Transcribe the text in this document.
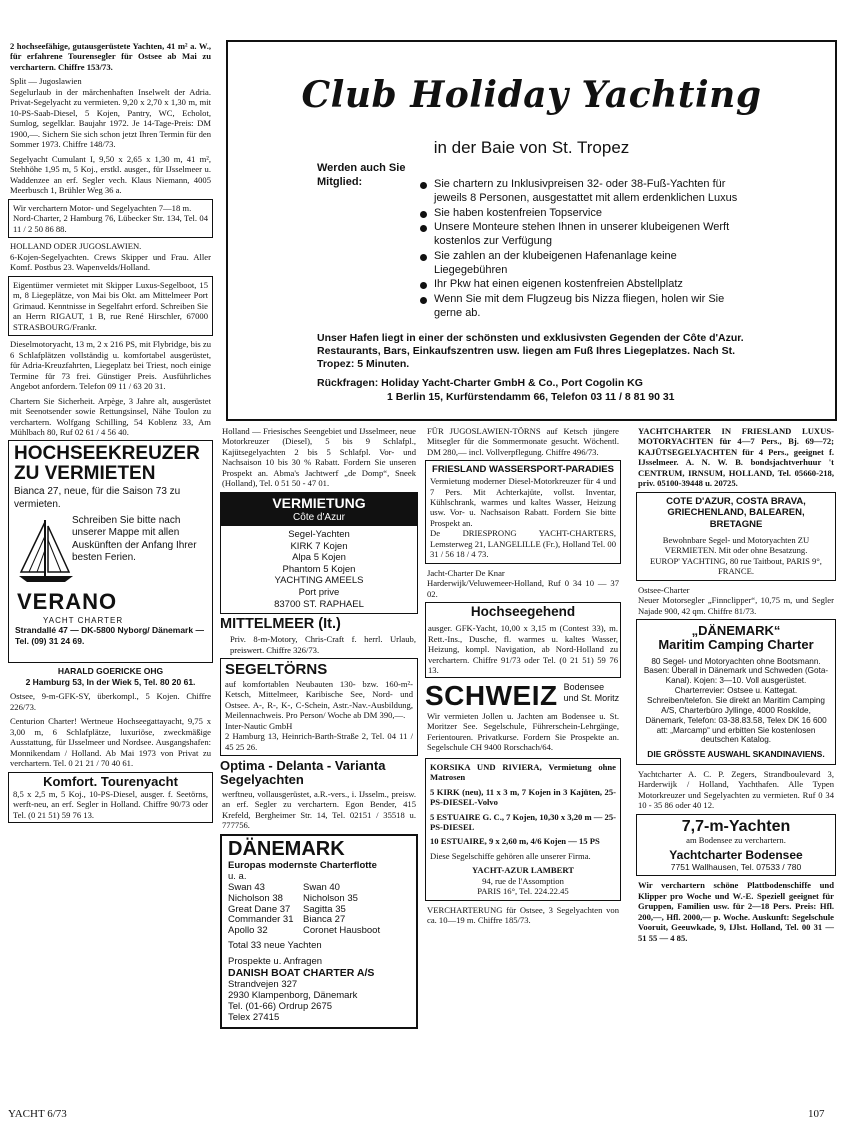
Club Holiday Yachting
in der Baie von St. Tropez
Werden auch Sie
Mitglied:	Sie chartern zu Inklusivpreisen 32- oder 38-Fuß-Yachten für jeweils 8 Personen, ausgestattet mit allem erdenklichen Luxus
Sie haben kostenfreien Topservice
Unsere Monteure stehen Ihnen in unserer klubeigenen Werft kostenlos zur Verfügung
Sie zahlen an der klubeigenen Hafenanlage keine Liegegebühren
Ihr Pkw hat einen eigenen kostenfreien Abstellplatz
Wenn Sie mit dem Flugzeug bis Nizza fliegen, holen wir Sie gerne ab.
Unser Hafen liegt in einer der schönsten und exklusivsten Gegenden der Côte d'Azur. Restaurants, Bars, Einkaufszentren usw. liegen am Fuß Ihres Liegeplatzes. Nach St. Tropez: 5 Minuten.
Rückfragen: Holiday Yacht-Charter GmbH & Co., Port Cogolin KG
1 Berlin 15, Kurfürstendamm 66, Telefon 03 11 / 8 81 90 31
2 hochseefähige, gutausgerüstete Yachten, 41 m² a. W., für erfahrene Tourensegler für Ostsee ab Mai zu verchartern. Chiffre 153/73.
Split — Jugoslawien
Segelurlaub in der märchenhaften Inselwelt der Adria. Privat-Segelyacht zu vermieten. 9,20 x 2,70 x 1,30 m, mit 10-PS-Saab-Diesel, 5 Kojen, Pantry, WC, Echolot, Sumlog, segelklar. Baujahr 1972. Je 14-Tage-Preis: DM 1900,—. Sichern Sie sich schon jetzt Ihren Termin für den Sommer 1973. Chiffre 148/73.
Segelyacht Cumulant I, 9,50 x 2,65 x 1,30 m, 41 m², Stehhöhe 1,95 m, 5 Koj., erstkl. ausger., für IJsselmeer u. Waddenzee an erf. Segler vech. Klaus Niemann, 4005 Meerbusch 1, Brühler Weg 36 a.
Wir verchartern Motor- und Segelyachten 7—18 m.
Nord-Charter, 2 Hamburg 76, Lübecker Str. 134, Tel. 04 11 / 2 50 86 88.
HOLLAND ODER JUGOSLAWIEN.
6-Kojen-Segelyachten. Crews Skipper und Frau. Aller Komf. Postbus 23. Wapenvelds/Holland.
Eigentümer vermietet mit Skipper Luxus-Segelboot, 15 m, 8 Liegeplätze, von Mai bis Okt. am Mittelmeer Port Grimaud. Kenntnisse in Segelfahrt erford. Schreiben Sie an Herrn RIGAUT, 1 B, rue René Hirschler, 67000 STRASBOURG/Frankr.
Dieselmotoryacht, 13 m, 2 x 216 PS, mit Flybridge, bis zu 6 Schlafplätzen vollständig u. komfortabel ausgerüstet, für Adria-Kreuzfahrten, Liegeplatz bei Triest, noch einige Termine für 73 frei. Günstiger Preis. Ausführliches Angebot anfordern. Telefon 09 11 / 63 20 31.
Chartern Sie Sicherheit. Arpège, 3 Jahre alt, ausgerüstet mit Seenotsender sowie Rettungsinsel, Nähe Toulon zu verchartern. Wolfgang Schilling, 54 Koblenz 33, Am Mühlbach 80, Ruf 02 61 / 4 56 40.
HOCHSEEKREUZER
ZU VERMIETEN
Bianca 27, neue, für die Saison 73 zu vermieten.
Schreiben Sie bitte nach unserer Mappe mit allen Auskünften der Anfang Ihrer besten Ferien.
VERANO
YACHT CHARTER
Strandallé 47 — DK-5800 Nyborg/ Dänemark — Tel. (09) 31 24 69.
HARALD GOERICKE OHG
2 Hamburg 53, In der Wiek 5, Tel. 80 20 61.
Ostsee, 9-m-GFK-SY, überkompl., 5 Kojen. Chiffre 226/73.
Centurion Charter! Wertneue Hochseegattayacht, 9,75 x 3,00 m, 6 Schlafplätze, luxuriöse, zweckmäßige Ausstattung, für IJsselmeer und Nordsee. Ausgangshafen: Monnikendam / Holland. Ab Mai 1973 von Privat zu verchartern. Tel. 0 21 21 / 70 40 61.
Komfort. Tourenyacht
8,5 x 2,5 m, 5 Koj., 10-PS-Diesel, ausger. f. Seetörns, werft-neu, an erf. Segler in Holland. Chiffre 90/73 oder Tel. (0 21 51) 59 76 13.
Holland — Friesisches Seengebiet und IJsselmeer, neue Motorkreuzer (Diesel), 5 bis 9 Schlafpl., Kajütsegelyachten 2 bis 5 Schlafpl. Vor- und Nachsaison 10 bis 30 % Rabatt. Fordern Sie unseren Prospekt an. Abma's Jachtwerf „de Domp“, Sneek (Holland), Tel. 0 51 50 - 47 01.
VERMIETUNG
Côte d'Azur
Segel-Yachten
KIRK 7 Kojen
Alpa 5 Kojen
Phantom 5 Kojen
YACHTING AMEELS
Port prive
83700 ST. RAPHAEL
MITTELMEER (It.)
Priv. 8-m-Motory, Chris-Craft f. herrl. Urlaub, preiswert. Chiffre 326/73.
SEGELTÖRNS
auf komfortablen Neubauten 130- bzw. 160-m²-Ketsch, Mittelmeer, Karibische See, Nord- und Ostsee. A-, R-, K-, C-Schein, Astr.-Nav.-Ausbildung, Meilennachweis. Pro Person/ Woche ab DM 390,—.
Inter-Nautic GmbH
2 Hamburg 13, Heinrich-Barth-Straße 2, Tel. 04 11 / 45 25 26.
Optima - Delanta - Varianta Segelyachten
werftneu, vollausgerüstet, a.R.-vers., i. IJsselm., preisw. an erf. Segler zu verchartern. Egon Bender, 415 Krefeld, Bergheimer Str. 14, Tel. 02151 / 35518 u. 777756.
DÄNEMARK
Europas modernste Charterflotte
u. a.
Swan 43
Nicholson 38
Great Dane 37
Commander 31
Apollo 32
Swan 40
Nicholson 35
Sagitta 35
Bianca 27
Coronet Hausboot
Total 33 neue Yachten
Prospekte u. Anfragen
DANISH BOAT CHARTER A/S
Strandvejen 327
2930 Klampenborg, Dänemark
Tel. (01-66) Ordrup 2675
Telex 27415
FÜR JUGOSLAWIEN-TÖRNS auf Ketsch jüngere Mitsegler für die Sommermonate gesucht. Wöchentl. DM 280,— incl. Vollverpflegung. Chiffre 496/73.
FRIESLAND WASSERSPORT-PARADIES
Vermietung moderner Diesel-Motorkreuzer für 4 und 7 Pers. Mit Achterkajüte, vollst. Inventar, Kühlschrank, warmes und kaltes Wasser, Heizung usw. Vor- u. Nachsaison Rabatt. Fordern Sie bitte Prospekt an.
De DRIESPRONG YACHT-CHARTERS, Lemsterweg 21, LANGELILLE (Fr.), Holland Tel. 00 31 / 56 18 / 4 73.
Jacht-Charter De Knar
Harderwijk/Veluwemeer-Holland, Ruf 0 34 10 — 37 02.
Hochseegehend
ausger. GFK-Yacht, 10,00 x 3,15 m (Contest 33), m. Rett.-Ins., Dusche, fl. warmes u. kaltes Wasser, Heizung, kompl. Navigation, ab Nord-Holland zu verchartern. Chiffre 91/73 oder Tel. (0 21 51) 59 76 13.
SCHWEIZ Bodensee und St. Moritz
Wir vermieten Jollen u. Jachten am Bodensee u. St. Moritzer See. Segelschule, Führerschein-Lehrgänge, Ferientouren. Privatkurse. Fordern Sie Prospekte an. Segelschule CH 9400 Rorschach/64.
KORSIKA UND RIVIERA, Vermietung ohne Matrosen
5 KIRK (neu), 11 x 3 m, 7 Kojen in 3 Kajüten, 25-PS-DIESEL-Volvo
5 ESTUAIRE G. C., 7 Kojen, 10,30 x 3,20 m — 25-PS-DIESEL
10 ESTUAIRE, 9 x 2,60 m, 4/6 Kojen — 15 PS
Diese Segelschiffe gehören alle unserer Firma.
YACHT-AZUR LAMBERT
94, rue de l'Assomption
PARIS 16°, Tel. 224.22.45
VERCHARTERUNG für Ostsee, 3 Segelyachten von ca. 10—19 m. Chiffre 185/73.
YACHTCHARTER IN FRIESLAND LUXUS-MOTORYACHTEN für 4—7 Pers., Bj. 69—72; KAJÜTSEGELYACHTEN für 4 Pers., geeignet f. IJsselmeer. A. N. W. B. bondsjachtverhuur 't CENTRUM, IRNSUM, HOLLAND, Tel. 05660-218, priv. 05100-39448 u. 20725.
COTE D'AZUR, COSTA BRAVA, GRIECHENLAND, BALEAREN, BRETAGNE
Bewohnbare Segel- und Motoryachten ZU VERMIETEN. Mit oder ohne Besatzung.
EUROP' YACHTING, 80 rue Taitbout, PARIS 9°, FRANCE.
Ostsee-Charter
Neuer Motorsegler „Finnclipper“, 10,75 m, und Segler Najade 900, 42 qm. Chiffre 81/73.
„DÄNEMARK“
Maritim Camping Charter
80 Segel- und Motoryachten ohne Bootsmann. Basen: Überall in Dänemark und Schweden (Gota-Kanal). Kojen: 3—10. Voll ausgerüstet. Charterrevier: Ostsee u. Kattegat. Schreiben/telefon. Sie direkt an Maritim Camping A/S, Charterbüro Jyllinge, 4000 Roskilde, Dänemark, Telefon: 03-38.83.58, Telex DK 16 600 att: „Marcamp“ und erbitten Sie kostenlosen deutschen Katalog.
DIE GRÖSSTE AUSWAHL SKANDINAVIENS.
Yachtcharter A. C. P. Zegers, Strandboulevard 3, Harderwijk / Holland, Yachthafen. Alle Typen Motorkreuzer und Segelyachten zu vermieten. Ruf 0 34 10 - 35 86 oder 40 12.
7,7-m-Yachten
am Bodensee zu verchartern.
Yachtcharter Bodensee
7751 Wallhausen, Tel. 07533 / 780
Wir verchartern schöne Plattbodenschiffe und Klipper pro Woche und W.-E. Speziell geeignet für Gruppen, Familien usw. für 2—18 Pers. Preis: Hfl. 200,—, Hfl. 2000,— p. Woche. Auskunft: Segelschule Vooruit, Geeuwkade, 9, IJlst. Holland, Tel. 00 31 — 51 55 — 4 85.
YACHT 6/73	107
